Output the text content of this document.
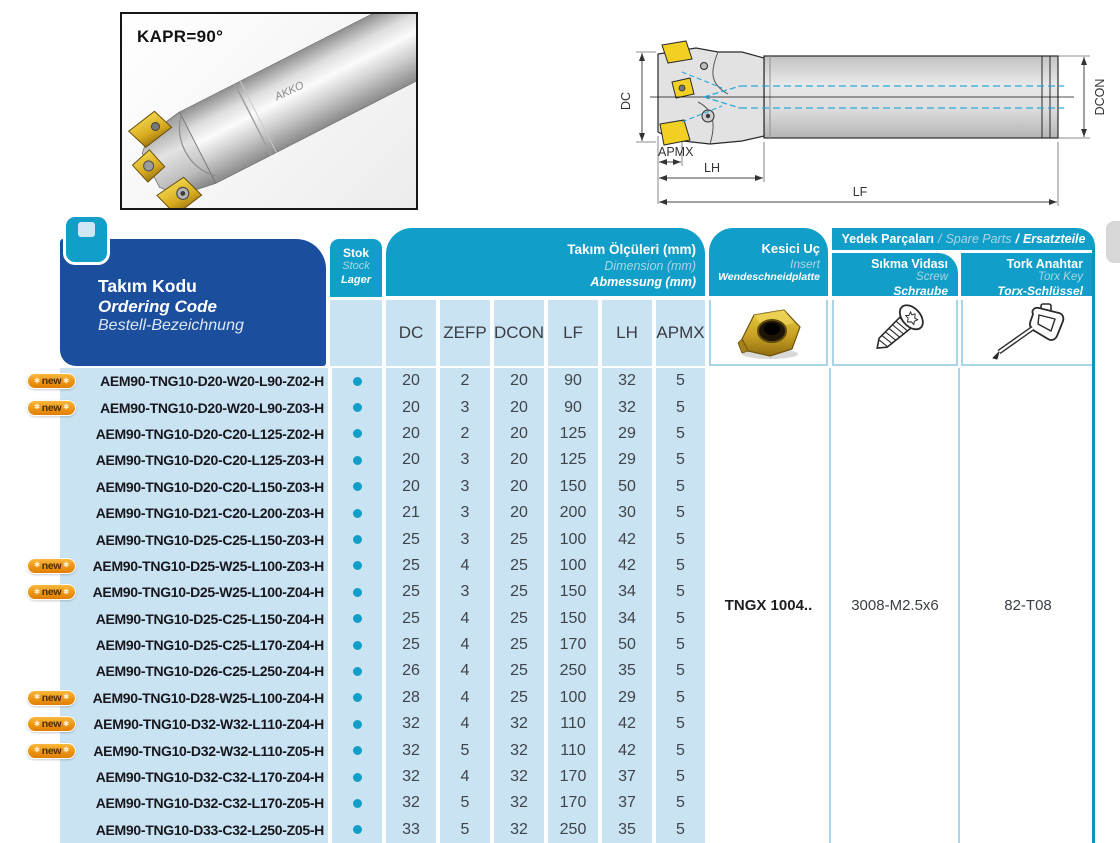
AKKO
KAPR=90°
DC	DCON
APMX
LH
LF
Takım Kodu
Ordering Code
Bestell-Bezeichnung
Stok
Stock
Lager
Takım Ölçüleri (mm)
Dimension (mm)
Abmessung (mm)
DC	ZEFP DCON	LF	LH	APMX
Kesici Uç
Insert
Wendeschneidplatte
Yedek Parçaları / Spare Parts / Ersatzteile
Sıkma Vidası
Screw
Schraube
Tork Anahtar
Torx Key
Torx-Schlüssel
TNGX 1004..	3008-M2.5x6	82-T08
✱ new ✱ AEM90-TNG10-D20-W20-L90-Z02-H	20	2	20	90	32	5
✱ new ✱ AEM90-TNG10-D20-W20-L90-Z03-H	20	3	20	90	32	5
AEM90-TNG10-D20-C20-L125-Z02-H	20	2	20	125	29	5
AEM90-TNG10-D20-C20-L125-Z03-H	20	3	20	125	29	5
AEM90-TNG10-D20-C20-L150-Z03-H	20	3	20	150	50	5
AEM90-TNG10-D21-C20-L200-Z03-H	21	3	20	200	30	5
AEM90-TNG10-D25-C25-L150-Z03-H	25	3	25	100	42	5
✱ new ✱ AEM90-TNG10-D25-W25-L100-Z03-H	25	4	25	100	42	5
✱ new ✱ AEM90-TNG10-D25-W25-L100-Z04-H	25	3	25	150	34	5
AEM90-TNG10-D25-C25-L150-Z04-H	25	4	25	150	34	5
AEM90-TNG10-D25-C25-L170-Z04-H	25	4	25	170	50	5
AEM90-TNG10-D26-C25-L250-Z04-H	26	4	25	250	35	5
✱ new ✱ AEM90-TNG10-D28-W25-L100-Z04-H	28	4	25	100	29	5
✱ new ✱ AEM90-TNG10-D32-W32-L110-Z04-H	32	4	32	110	42	5
✱ new ✱ AEM90-TNG10-D32-W32-L110-Z05-H	32	5	32	110	42	5
AEM90-TNG10-D32-C32-L170-Z04-H	32	4	32	170	37	5
AEM90-TNG10-D32-C32-L170-Z05-H	32	5	32	170	37	5
AEM90-TNG10-D33-C32-L250-Z05-H	33	5	32	250	35	5
